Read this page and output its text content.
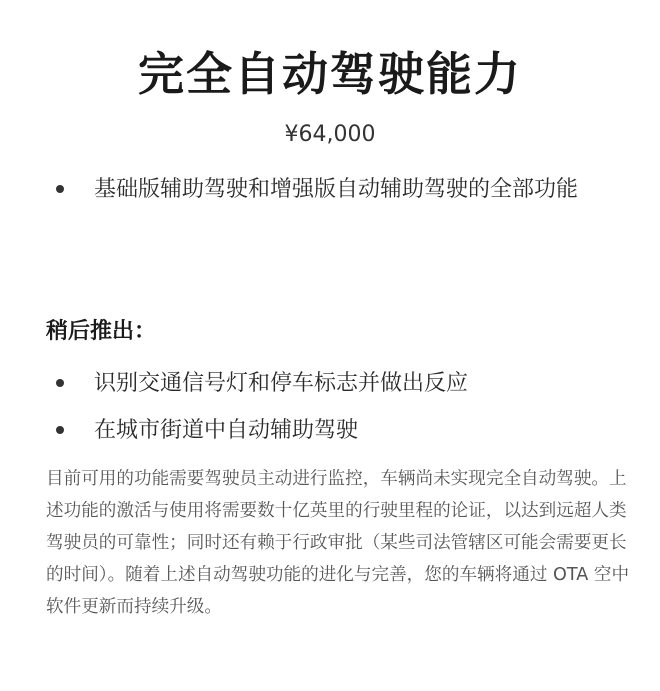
完全自动驾驶能力
¥64,000
基础版辅助驾驶和增强版自动辅助驾驶的全部功能
稍后推出：
识别交通信号灯和停车标志并做出反应
在城市街道中自动辅助驾驶
目前可用的功能需要驾驶员主动进行监控，车辆尚未实现完全自动驾驶。上述功能的激活与使用将需要数十亿英里的行驶里程的论证，以达到远超人类驾驶员的可靠性；同时还有赖于行政审批（某些司法管辖区可能会需要更长的时间）。随着上述自动驾驶功能的进化与完善，您的车辆将通过 OTA 空中软件更新而持续升级。
